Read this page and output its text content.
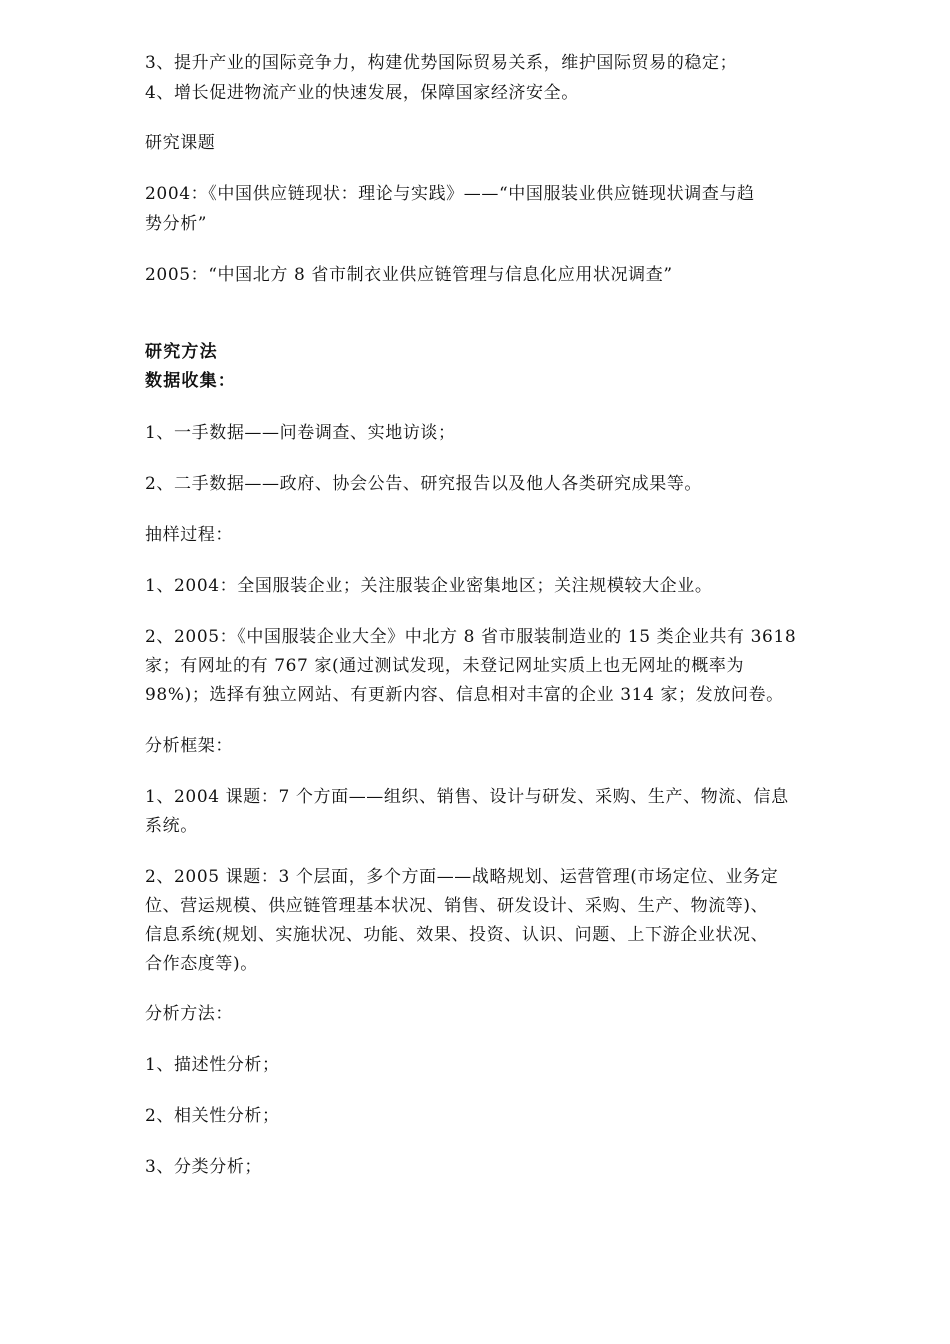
3、提升产业的国际竞争力，构建优势国际贸易关系，维护国际贸易的稳定；
4、增长促进物流产业的快速发展，保障国家经济安全。
研究课题
2004：《中国供应链现状：理论与实践》——“中国服装业供应链现状调查与趋
势分析”
2005：“中国北方 8 省市制衣业供应链管理与信息化应用状况调查”
研究方法
数据收集：
1、一手数据——问卷调查、实地访谈；
2、二手数据——政府、协会公告、研究报告以及他人各类研究成果等。
抽样过程：
1、2004：全国服装企业；关注服装企业密集地区；关注规模较大企业。
2、2005：《中国服装企业大全》中北方 8 省市服装制造业的 15 类企业共有 3618
家；有网址的有 767 家(通过测试发现，未登记网址实质上也无网址的概率为
98%)；选择有独立网站、有更新内容、信息相对丰富的企业 314 家；发放问卷。
分析框架：
1、2004 课题：7 个方面——组织、销售、设计与研发、采购、生产、物流、信息
系统。
2、2005 课题：3 个层面，多个方面——战略规划、运营管理(市场定位、业务定
位、营运规模、供应链管理基本状况、销售、研发设计、采购、生产、物流等)、
信息系统(规划、实施状况、功能、效果、投资、认识、问题、上下游企业状况、
合作态度等)。
分析方法：
1、描述性分析；
2、相关性分析；
3、分类分析；
